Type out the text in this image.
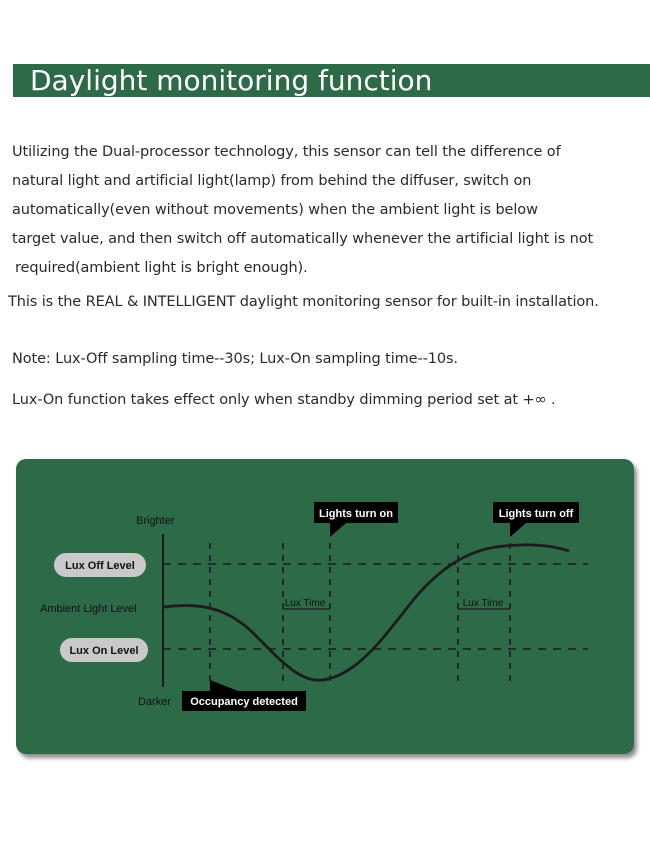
Daylight monitoring function
Utilizing the Dual-processor technology, this sensor can tell the difference of
natural light and artificial light(lamp) from behind the diffuser, switch on
automatically(even without movements) when the ambient light is below
target value, and then switch off automatically whenever the artificial light is not
required(ambient light is bright enough).
This is the REAL & INTELLIGENT daylight monitoring sensor for built-in installation.
Note: Lux-Off sampling time--30s; Lux-On sampling time--10s.
Lux-On function takes effect only when standby dimming period set at +∞ .
Lux Time	Lux Time
Brighter
Darker
Ambient Light Level
Lux Off Level
Lux On Level
Lights turn on	Lights turn off
Occupancy detected
